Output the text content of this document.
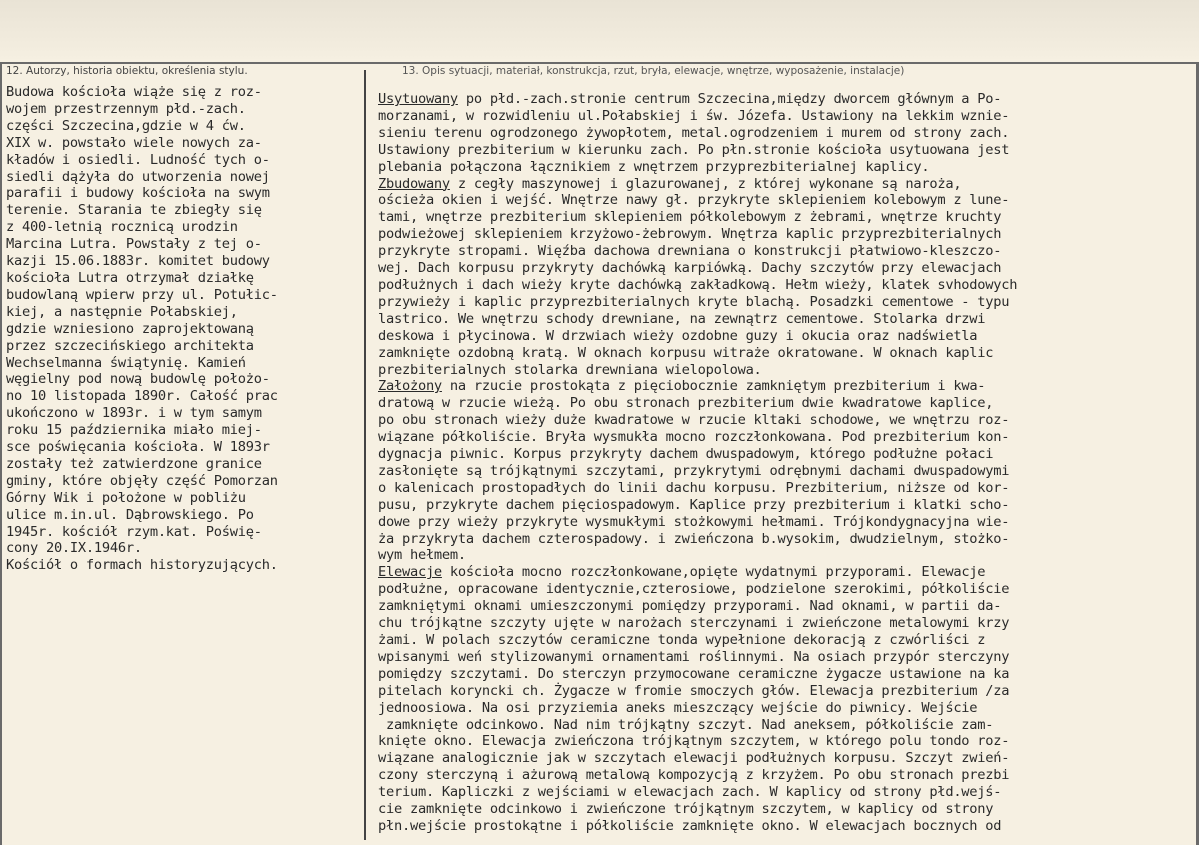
12. Autorzy, historia obiektu, określenia stylu.	13. Opis sytuacji, materiał, konstrukcja, rzut, bryła, elewacje, wnętrze, wyposażenie, instalacje)
Budowa kościoła wiąże się z roz-
wojem przestrzennym płd.-zach.
części Szczecina,gdzie w 4 ćw.
XIX w. powstało wiele nowych za-
kładów i osiedli. Ludność tych o-
siedli dążyła do utworzenia nowej
parafii i budowy kościoła na swym
terenie. Starania te zbiegły się
z 400-letnią rocznicą urodzin
Marcina Lutra. Powstały z tej o-
kazji 15.06.1883r. komitet budowy
kościoła Lutra otrzymał działkę
budowlaną wpierw przy ul. Potułic-
kiej, a następnie Połabskiej,
gdzie wzniesiono zaprojektowaną
przez szczecińskiego architekta
Wechselmanna świątynię. Kamień
węgielny pod nową budowlę położo-
no 10 listopada 1890r. Całość prac
ukończono w 1893r. i w tym samym
roku 15 października miało miej-
sce poświęcania kościoła. W 1893r
zostały też zatwierdzone granice
gminy, które objęły część Pomorzan
Górny Wik i położone w pobliżu
ulice m.in.ul. Dąbrowskiego. Po
1945r. kościół rzym.kat. Poświę-
cony 20.IX.1946r.
Kościół o formach historyzujących.
Usytuowany po płd.-zach.stronie centrum Szczecina,między dworcem głównym a Po-
morzanami, w rozwidleniu ul.Połabskiej i św. Józefa. Ustawiony na lekkim wznie-
sieniu terenu ogrodzonego żywopłotem, metal.ogrodzeniem i murem od strony zach.
Ustawiony prezbiterium w kierunku zach. Po płn.stronie kościoła usytuowana jest
plebania połączona łącznikiem z wnętrzem przyprezbiterialnej kaplicy.
Zbudowany z cegły maszynowej i glazurowanej, z której wykonane są naroża,
ościeża okien i wejść. Wnętrze nawy gł. przykryte sklepieniem kolebowym z lune-
tami, wnętrze prezbiterium sklepieniem półkolebowym z żebrami, wnętrze kruchty
podwieżowej sklepieniem krzyżowo-żebrowym. Wnętrza kaplic przyprezbiterialnych
przykryte stropami. Więźba dachowa drewniana o konstrukcji płatwiowo-kleszczo-
wej. Dach korpusu przykryty dachówką karpiówką. Dachy szczytów przy elewacjach
podłużnych i dach wieży kryte dachówką zakładkową. Hełm wieży, klatek svhodowych
przywieży i kaplic przyprezbiterialnych kryte blachą. Posadzki cementowe - typu
lastrico. We wnętrzu schody drewniane, na zewnątrz cementowe. Stolarka drzwi
deskowa i płycinowa. W drzwiach wieży ozdobne guzy i okucia oraz nadświetla
zamknięte ozdobną kratą. W oknach korpusu witraże okratowane. W oknach kaplic
prezbiterialnych stolarka drewniana wielopolowa.
Założony na rzucie prostokąta z pięciobocznie zamkniętym prezbiterium i kwa-
dratową w rzucie wieżą. Po obu stronach prezbiterium dwie kwadratowe kaplice,
po obu stronach wieży duże kwadratowe w rzucie kltaki schodowe, we wnętrzu roz-
wiązane półkoliście. Bryła wysmukła mocno rozczłonkowana. Pod prezbiterium kon-
dygnacja piwnic. Korpus przykryty dachem dwuspadowym, którego podłużne połaci
zasłonięte są trójkątnymi szczytami, przykrytymi odrębnymi dachami dwuspadowymi
o kalenicach prostopadłych do linii dachu korpusu. Prezbiterium, niższe od kor-
pusu, przykryte dachem pięciospadowym. Kaplice przy prezbiterium i klatki scho-
dowe przy wieży przykryte wysmukłymi stożkowymi hełmami. Trójkondygnacyjna wie-
ża przykryta dachem czterospadowy. i zwieńczona b.wysokim, dwudzielnym, stożko-
wym hełmem.
Elewacje kościoła mocno rozczłonkowane,opięte wydatnymi przyporami. Elewacje
podłużne, opracowane identycznie,czterosiowe, podzielone szerokimi, półkoliście
zamkniętymi oknami umieszczonymi pomiędzy przyporami. Nad oknami, w partii da-
chu trójkątne szczyty ujęte w narożach sterczynami i zwieńczone metalowymi krzy
żami. W polach szczytów ceramiczne tonda wypełnione dekoracją z czwórliści z
wpisanymi weń stylizowanymi ornamentami roślinnymi. Na osiach przypór sterczyny
pomiędzy szczytami. Do sterczyn przymocowane ceramiczne żygacze ustawione na ka
pitelach koryncki ch. Żygacze w fromie smoczych głów. Elewacja prezbiterium /za
jednoosiowa. Na osi przyziemia aneks mieszczący wejście do piwnicy. Wejście
zamknięte odcinkowo. Nad nim trójkątny szczyt. Nad aneksem, półkoliście zam-
knięte okno. Elewacja zwieńczona trójkątnym szczytem, w którego polu tondo roz-
wiązane analogicznie jak w szczytach elewacji podłużnych korpusu. Szczyt zwień-
czony sterczyną i ażurową metalową kompozycją z krzyżem. Po obu stronach prezbi
terium. Kapliczki z wejściami w elewacjach zach. W kaplicy od strony płd.wejś-
cie zamknięte odcinkowo i zwieńczone trójkątnym szczytem, w kaplicy od strony
płn.wejście prostokątne i półkoliście zamknięte okno. W elewacjach bocznych od
